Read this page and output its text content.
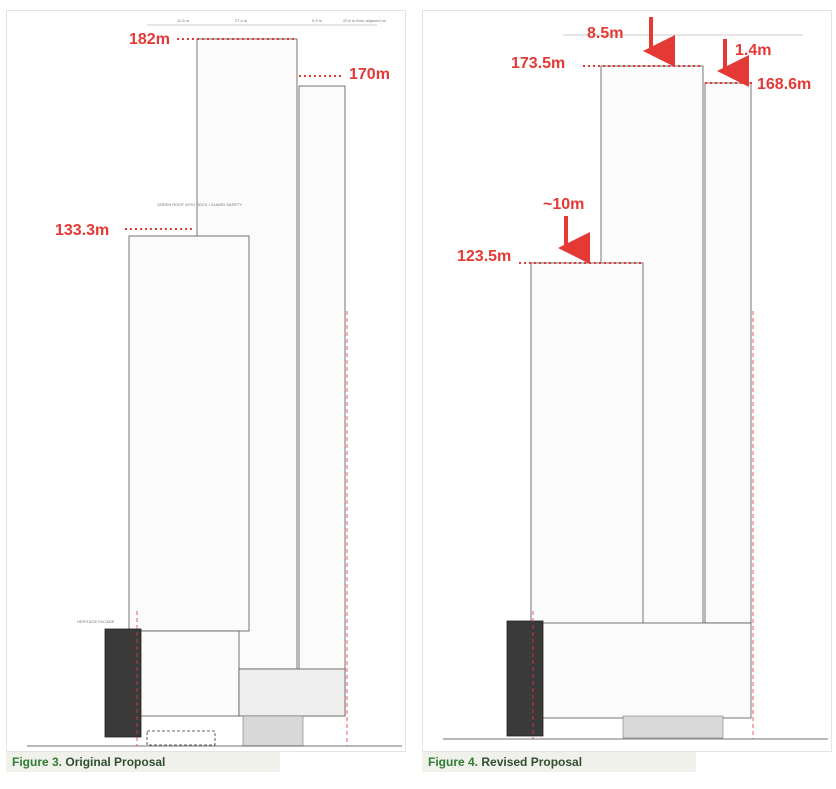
12.5 m	27.4 m	9.5 m	20.8 m from adjacent lot
GREEN ROOF WITH DECK / GUARD SAFETY
HERITAGE FACADE
182m
170m
133.3m
Figure 3. Original Proposal
8.5m
173.5m
1.4m
168.6m
~10m
123.5m
Figure 4. Revised Proposal
